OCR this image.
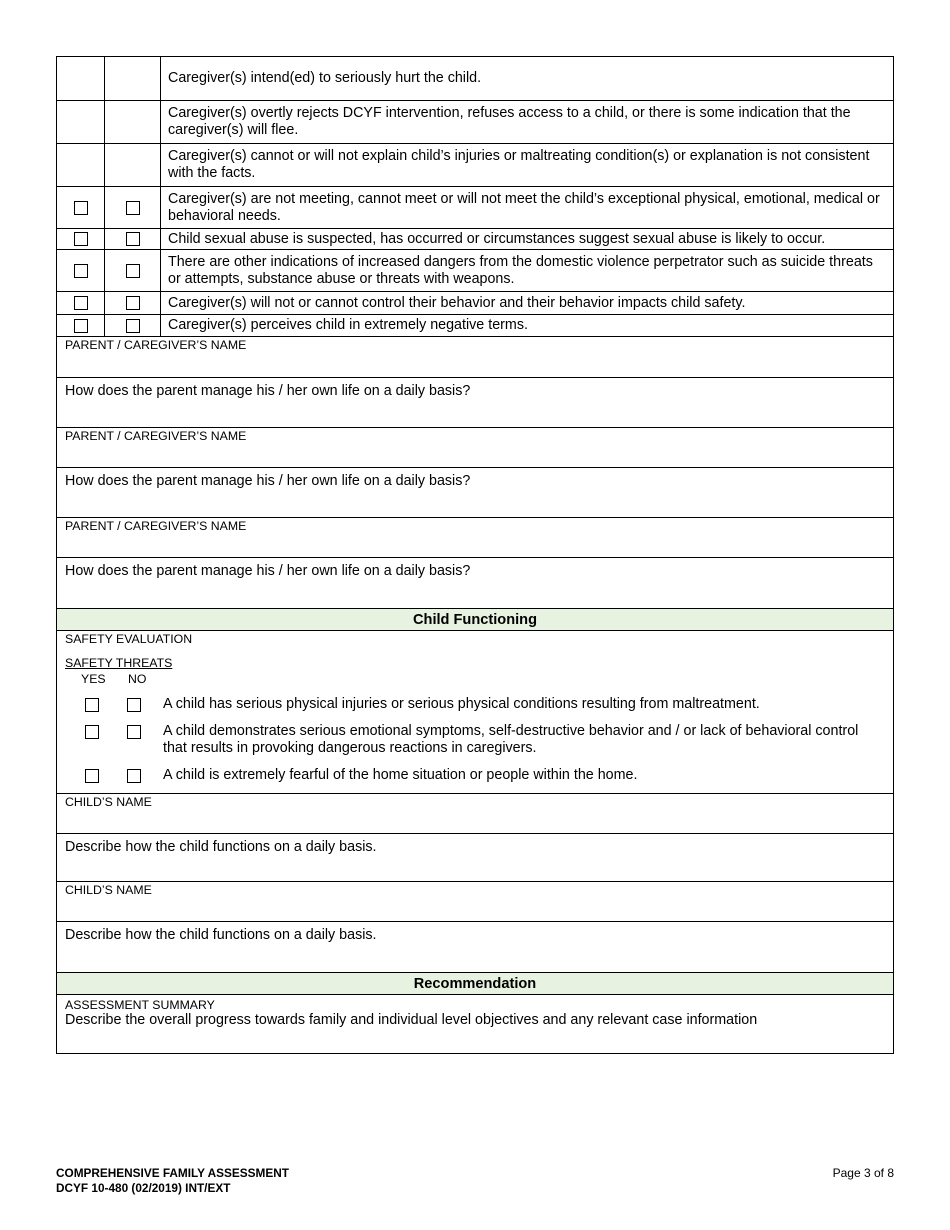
Caregiver(s) intend(ed) to seriously hurt the child.
Caregiver(s) overtly rejects DCYF intervention, refuses access to a child, or there is some indication that the caregiver(s) will flee.
Caregiver(s) cannot or will not explain child’s injuries or maltreating condition(s) or explanation is not consistent with the facts.
Caregiver(s) are not meeting, cannot meet or will not meet the child’s exceptional physical, emotional, medical or behavioral needs.
Child sexual abuse is suspected, has occurred or circumstances suggest sexual abuse is likely to occur.
There are other indications of increased dangers from the domestic violence perpetrator such as suicide threats or attempts, substance abuse or threats with weapons.
Caregiver(s) will not or cannot control their behavior and their behavior impacts child safety.
Caregiver(s) perceives child in extremely negative terms.
PARENT / CAREGIVER’S NAME
How does the parent manage his / her own life on a daily basis?
PARENT / CAREGIVER’S NAME
How does the parent manage his / her own life on a daily basis?
PARENT / CAREGIVER’S NAME
How does the parent manage his / her own life on a daily basis?
Child Functioning
SAFETY EVALUATION
SAFETY THREATS
YES NO
A child has serious physical injuries or serious physical conditions resulting from maltreatment.
A child demonstrates serious emotional symptoms, self-destructive behavior and / or lack of behavioral control that results in provoking dangerous reactions in caregivers.
A child is extremely fearful of the home situation or people within the home.
CHILD’S NAME
Describe how the child functions on a daily basis.
CHILD’S NAME
Describe how the child functions on a daily basis.
Recommendation
ASSESSMENT SUMMARY
Describe the overall progress towards family and individual level objectives and any relevant case information
COMPREHENSIVE FAMILY ASSESSMENT
DCYF 10-480 (02/2019) INT/EXT
Page 3 of 8
